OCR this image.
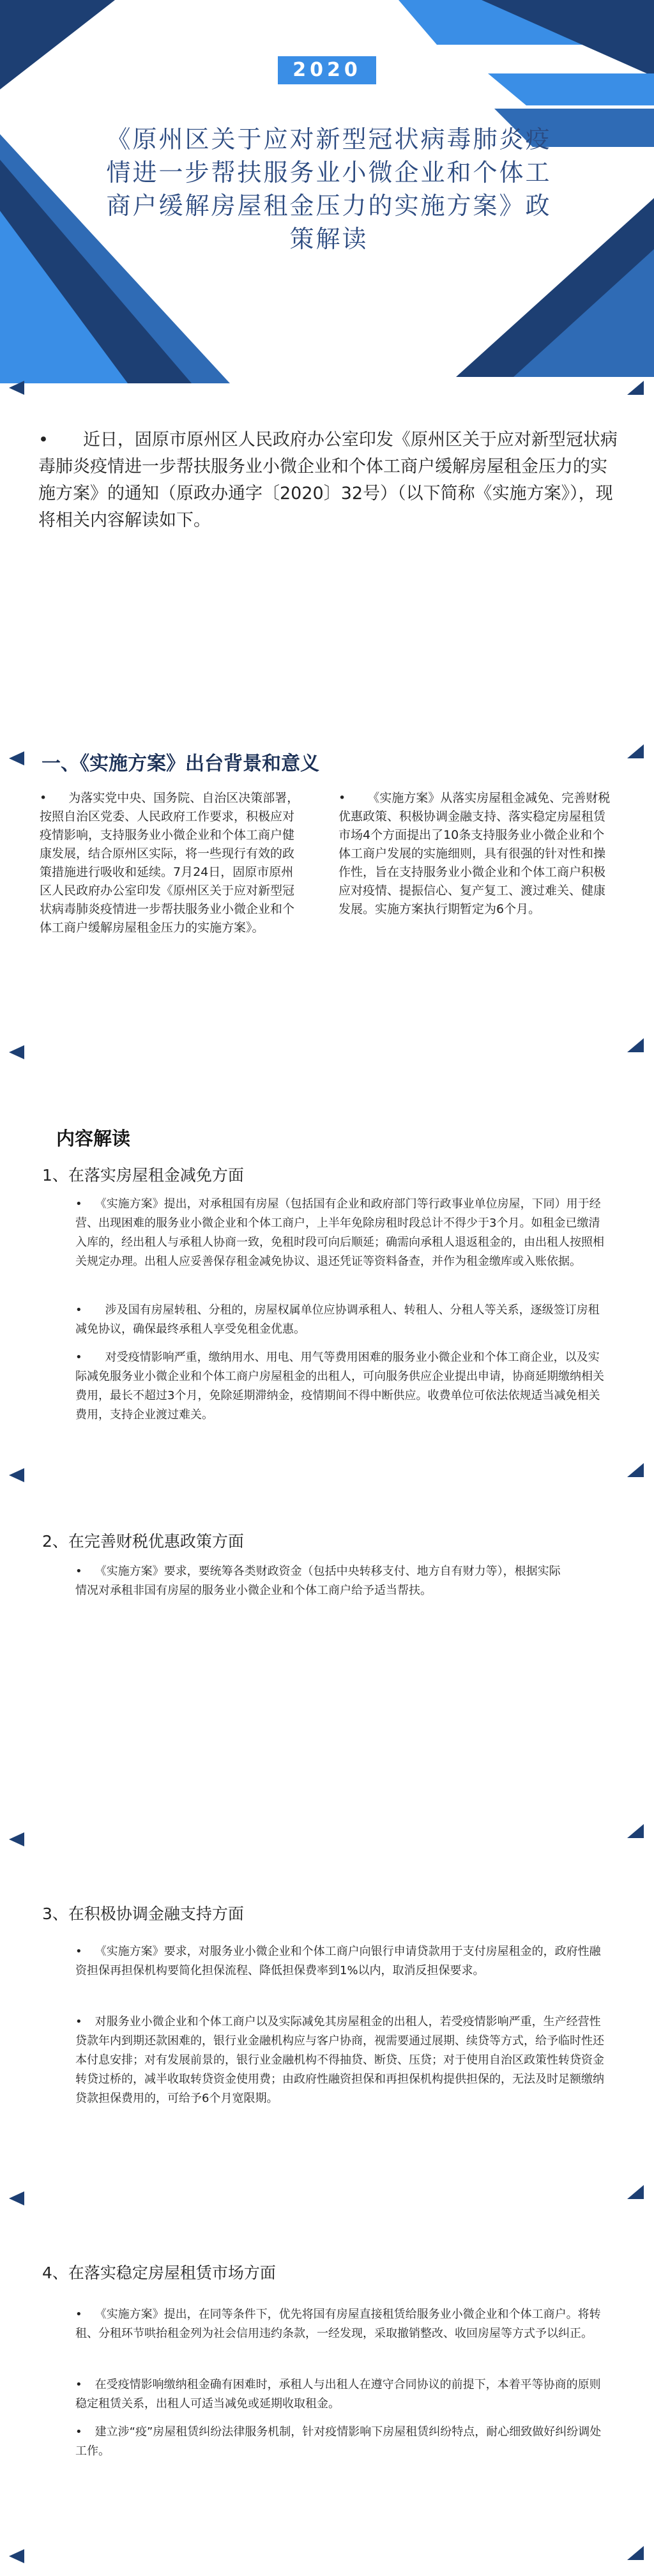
2020
《原州区关于应对新型冠状病毒肺炎疫情进一步帮扶服务业小微企业和个体工商户缓解房屋租金压力的实施方案》政策解读
• 近日，固原市原州区人民政府办公室印发《原州区关于应对新型冠状病毒肺炎疫情进一步帮扶服务业小微企业和个体工商户缓解房屋租金压力的实施方案》的通知（原政办通字〔2020〕32号）（以下简称《实施方案》），现将相关内容解读如下。
一、《实施方案》出台背景和意义
• 为落实党中央、国务院、自治区决策部署，按照自治区党委、人民政府工作要求，积极应对疫情影响，支持服务业小微企业和个体工商户健康发展，结合原州区实际，将一些现行有效的政策措施进行吸收和延续。7月24日，固原市原州区人民政府办公室印发《原州区关于应对新型冠状病毒肺炎疫情进一步帮扶服务业小微企业和个体工商户缓解房屋租金压力的实施方案》。
• 《实施方案》从落实房屋租金减免、完善财税优惠政策、积极协调金融支持、落实稳定房屋租赁市场4个方面提出了10条支持服务业小微企业和个体工商户发展的实施细则，具有很强的针对性和操作性，旨在支持服务业小微企业和个体工商户积极应对疫情、提振信心、复产复工、渡过难关、健康发展。实施方案执行期暂定为6个月。
内容解读
1、在落实房屋租金减免方面
• 《实施方案》提出，对承租国有房屋（包括国有企业和政府部门等行政事业单位房屋，下同）用于经营、出现困难的服务业小微企业和个体工商户，上半年免除房租时段总计不得少于3个月。如租金已缴清入库的，经出租人与承租人协商一致，免租时段可向后顺延；确需向承租人退返租金的，由出租人按照相关规定办理。出租人应妥善保存租金减免协议、退还凭证等资料备查，并作为租金缴库或入账依据。
• 涉及国有房屋转租、分租的，房屋权属单位应协调承租人、转租人、分租人等关系，逐级签订房租减免协议，确保最终承租人享受免租金优惠。
• 对受疫情影响严重，缴纳用水、用电、用气等费用困难的服务业小微企业和个体工商企业，以及实际减免服务业小微企业和个体工商户房屋租金的出租人，可向服务供应企业提出申请，协商延期缴纳相关费用，最长不超过3个月，免除延期滞纳金，疫情期间不得中断供应。收费单位可依法依规适当减免相关费用，支持企业渡过难关。
2、在完善财税优惠政策方面
• 《实施方案》要求，要统筹各类财政资金（包括中央转移支付、地方自有财力等），根据实际情况对承租非国有房屋的服务业小微企业和个体工商户给予适当帮扶。
3、在积极协调金融支持方面
• 《实施方案》要求，对服务业小微企业和个体工商户向银行申请贷款用于支付房屋租金的，政府性融资担保再担保机构要简化担保流程、降低担保费率到1%以内，取消反担保要求。
• 对服务业小微企业和个体工商户以及实际减免其房屋租金的出租人，若受疫情影响严重，生产经营性贷款年内到期还款困难的，银行业金融机构应与客户协商，视需要通过展期、续贷等方式，给予临时性还本付息安排；对有发展前景的，银行业金融机构不得抽贷、断贷、压贷；对于使用自治区政策性转贷资金转贷过桥的，减半收取转贷资金使用费；由政府性融资担保和再担保机构提供担保的，无法及时足额缴纳贷款担保费用的，可给予6个月宽限期。
4、在落实稳定房屋租赁市场方面
• 《实施方案》提出，在同等条件下，优先将国有房屋直接租赁给服务业小微企业和个体工商户。将转租、分租环节哄抬租金列为社会信用违约条款，一经发现，采取撤销整改、收回房屋等方式予以纠正。
• 在受疫情影响缴纳租金确有困难时，承租人与出租人在遵守合同协议的前提下，本着平等协商的原则稳定租赁关系，出租人可适当减免或延期收取租金。
• 建立涉“疫”房屋租赁纠纷法律服务机制，针对疫情影响下房屋租赁纠纷特点，耐心细致做好纠纷调处工作。
